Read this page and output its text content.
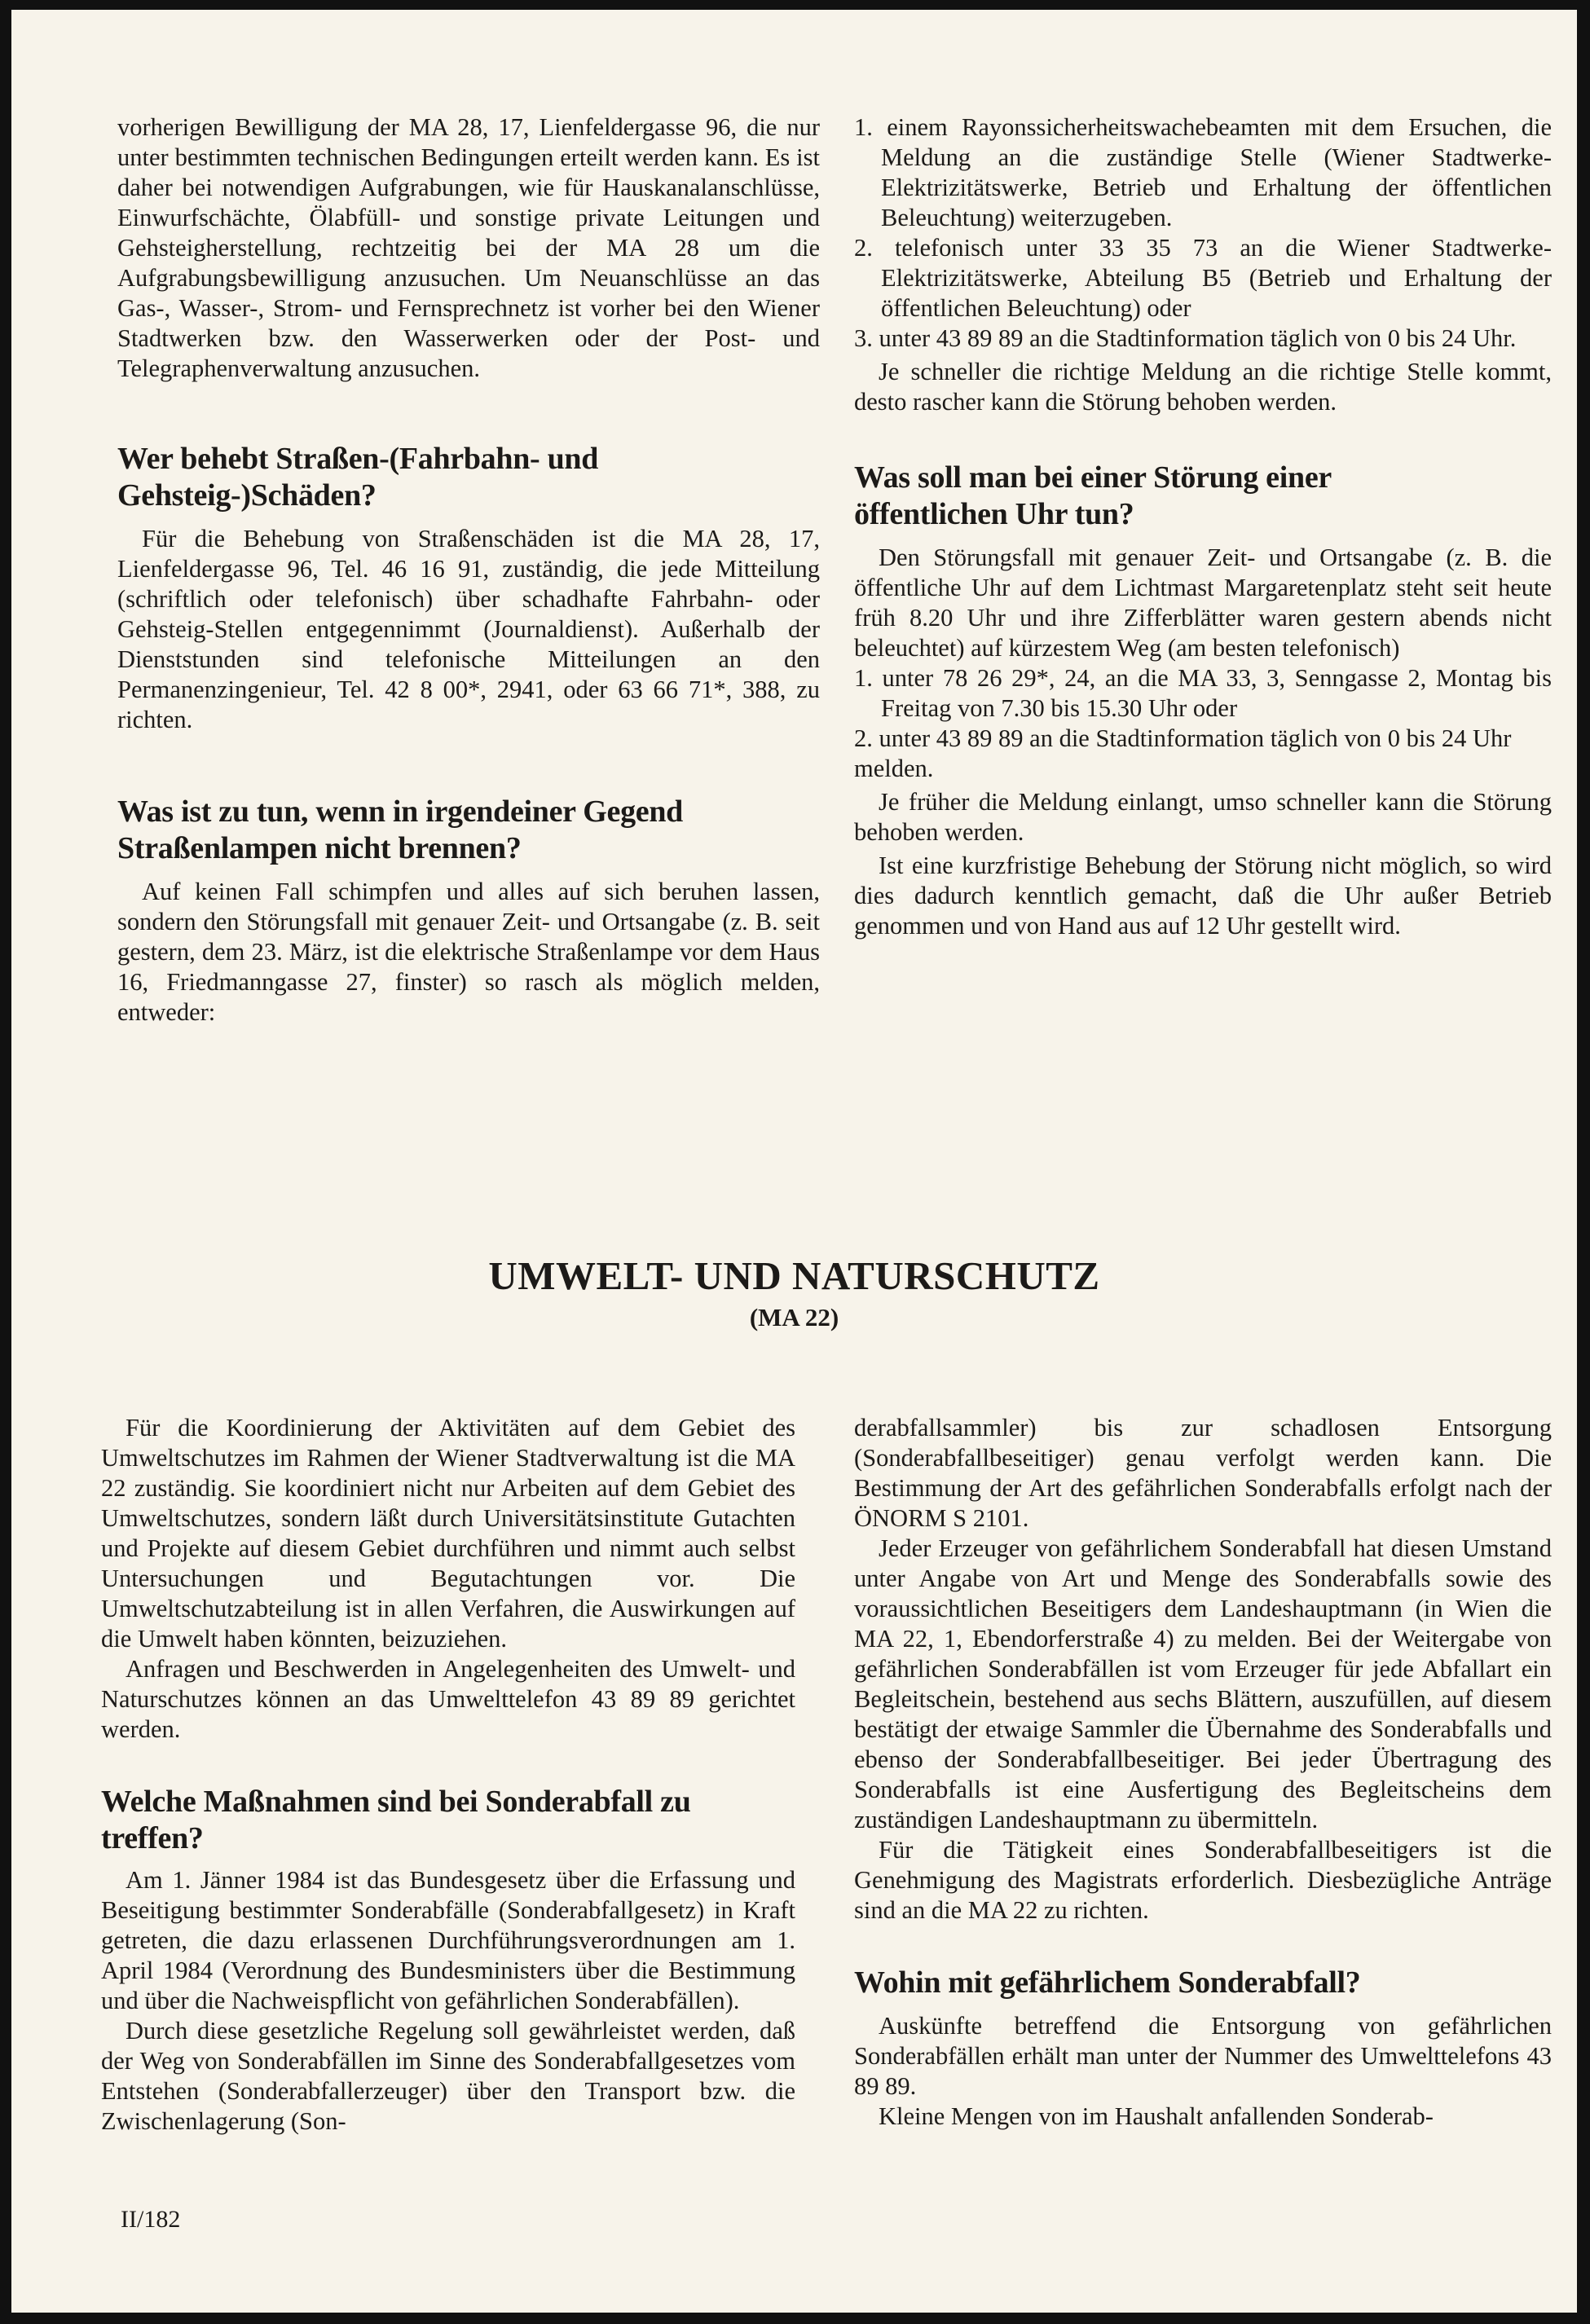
vorherigen Bewilligung der MA 28, 17, Lienfeldergasse 96, die nur unter bestimmten technischen Bedingungen erteilt werden kann. Es ist daher bei notwendigen Aufgrabungen, wie für Hauskanalanschlüsse, Einwurfschächte, Ölabfüll- und sonstige private Leitungen und Gehsteigherstellung, rechtzeitig bei der MA 28 um die Aufgrabungsbewilligung anzusuchen. Um Neuanschlüsse an das Gas-, Wasser-, Strom- und Fernsprechnetz ist vorher bei den Wiener Stadtwerken bzw. den Wasserwerken oder der Post- und Telegraphenverwaltung anzusuchen.

Wer behebt Straßen-(Fahrbahn- und Gehsteig-)Schäden?

Für die Behebung von Straßenschäden ist die MA 28, 17, Lienfeldergasse 96, Tel. 46 16 91, zuständig, die jede Mitteilung (schriftlich oder telefonisch) über schadhafte Fahrbahn- oder Gehsteig-Stellen entgegennimmt (Journaldienst). Außerhalb der Dienststunden sind telefonische Mitteilungen an den Permanenzingenieur, Tel. 42 8 00*, 2941, oder 63 66 71*, 388, zu richten.

Was ist zu tun, wenn in irgendeiner Gegend Straßenlampen nicht brennen?

Auf keinen Fall schimpfen und alles auf sich beruhen lassen, sondern den Störungsfall mit genauer Zeit- und Ortsangabe (z. B. seit gestern, dem 23. März, ist die elektrische Straßenlampe vor dem Haus 16, Friedmanngasse 27, finster) so rasch als möglich melden, entweder:

1. einem Rayonssicherheitswachebeamten mit dem Ersuchen, die Meldung an die zuständige Stelle (Wiener Stadtwerke-Elektrizitätswerke, Betrieb und Erhaltung der öffentlichen Beleuchtung) weiterzugeben.
2. telefonisch unter 33 35 73 an die Wiener Stadtwerke-Elektrizitätswerke, Abteilung B5 (Betrieb und Erhaltung der öffentlichen Beleuchtung) oder
3. unter 43 89 89 an die Stadtinformation täglich von 0 bis 24 Uhr.

Je schneller die richtige Meldung an die richtige Stelle kommt, desto rascher kann die Störung behoben werden.

Was soll man bei einer Störung einer öffentlichen Uhr tun?

Den Störungsfall mit genauer Zeit- und Ortsangabe (z. B. die öffentliche Uhr auf dem Lichtmast Margaretenplatz steht seit heute früh 8.20 Uhr und ihre Zifferblätter waren gestern abends nicht beleuchtet) auf kürzestem Weg (am besten telefonisch)

1. unter 78 26 29*, 24, an die MA 33, 3, Senngasse 2, Montag bis Freitag von 7.30 bis 15.30 Uhr oder
2. unter 43 89 89 an die Stadtinformation täglich von 0 bis 24 Uhr

melden.

Je früher die Meldung einlangt, umso schneller kann die Störung behoben werden.

Ist eine kurzfristige Behebung der Störung nicht möglich, so wird dies dadurch kenntlich gemacht, daß die Uhr außer Betrieb genommen und von Hand aus auf 12 Uhr gestellt wird.

UMWELT- UND NATURSCHUTZ

(MA 22)

Für die Koordinierung der Aktivitäten auf dem Gebiet des Umweltschutzes im Rahmen der Wiener Stadtverwaltung ist die MA 22 zuständig. Sie koordiniert nicht nur Arbeiten auf dem Gebiet des Umweltschutzes, sondern läßt durch Universitätsinstitute Gutachten und Projekte auf diesem Gebiet durchführen und nimmt auch selbst Untersuchungen und Begutachtungen vor. Die Umweltschutzabteilung ist in allen Verfahren, die Auswirkungen auf die Umwelt haben könnten, beizuziehen.

Anfragen und Beschwerden in Angelegenheiten des Umwelt- und Naturschutzes können an das Umwelttelefon 43 89 89 gerichtet werden.

Welche Maßnahmen sind bei Sonderabfall zu treffen?

Am 1. Jänner 1984 ist das Bundesgesetz über die Erfassung und Beseitigung bestimmter Sonderabfälle (Sonderabfallgesetz) in Kraft getreten, die dazu erlassenen Durchführungsverordnungen am 1. April 1984 (Verordnung des Bundesministers über die Bestimmung und über die Nachweispflicht von gefährlichen Sonderabfällen).

Durch diese gesetzliche Regelung soll gewährleistet werden, daß der Weg von Sonderabfällen im Sinne des Sonderabfallgesetzes vom Entstehen (Sonderabfallerzeuger) über den Transport bzw. die Zwischenlagerung (Son-

derabfallsammler) bis zur schadlosen Entsorgung (Sonderabfallbeseitiger) genau verfolgt werden kann. Die Bestimmung der Art des gefährlichen Sonderabfalls erfolgt nach der ÖNORM S 2101.

Jeder Erzeuger von gefährlichem Sonderabfall hat diesen Umstand unter Angabe von Art und Menge des Sonderabfalls sowie des voraussichtlichen Beseitigers dem Landeshauptmann (in Wien die MA 22, 1, Ebendorferstraße 4) zu melden. Bei der Weitergabe von gefährlichen Sonderabfällen ist vom Erzeuger für jede Abfallart ein Begleitschein, bestehend aus sechs Blättern, auszufüllen, auf diesem bestätigt der etwaige Sammler die Übernahme des Sonderabfalls und ebenso der Sonderabfallbeseitiger. Bei jeder Übertragung des Sonderabfalls ist eine Ausfertigung des Begleitscheins dem zuständigen Landeshauptmann zu übermitteln.

Für die Tätigkeit eines Sonderabfallbeseitigers ist die Genehmigung des Magistrats erforderlich. Diesbezügliche Anträge sind an die MA 22 zu richten.

Wohin mit gefährlichem Sonderabfall?

Auskünfte betreffend die Entsorgung von gefährlichen Sonderabfällen erhält man unter der Nummer des Umwelttelefons 43 89 89.

Kleine Mengen von im Haushalt anfallenden Sonderab-

II/182
